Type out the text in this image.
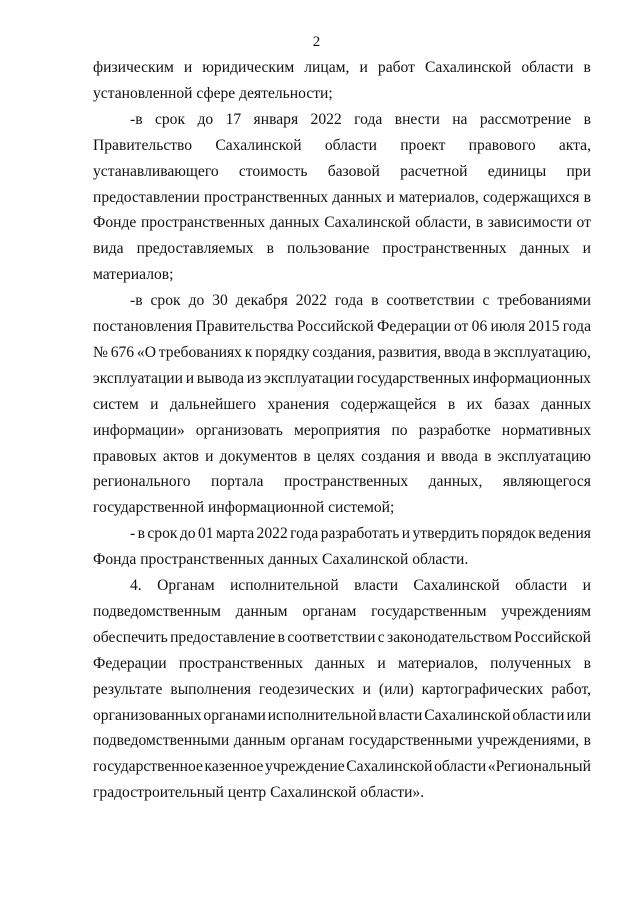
2
физическим и юридическим лицам, и работ Сахалинской области в
установленной сфере деятельности;
-в срок до 17 января 2022 года внести на рассмотрение в
Правительство Сахалинской области проект правового акта,
устанавливающего стоимость базовой расчетной единицы при
предоставлении пространственных данных и материалов, содержащихся в
Фонде пространственных данных Сахалинской области, в зависимости от
вида предоставляемых в пользование пространственных данных и
материалов;
-в срок до 30 декабря 2022 года в соответствии с требованиями
постановления Правительства Российской Федерации от 06 июля 2015 года
№ 676 «О требованиях к порядку создания, развития, ввода в эксплуатацию,
эксплуатации и вывода из эксплуатации государственных информационных
систем и дальнейшего хранения содержащейся в их базах данных
информации» организовать мероприятия по разработке нормативных
правовых актов и документов в целях создания и ввода в эксплуатацию
регионального портала пространственных данных, являющегося
государственной информационной системой;
- в срок до 01 марта 2022 года разработать и утвердить порядок ведения
Фонда пространственных данных Сахалинской области.
4. Органам исполнительной власти Сахалинской области и
подведомственным данным органам государственным учреждениям
обеспечить предоставление в соответствии с законодательством Российской
Федерации пространственных данных и материалов, полученных в
результате выполнения геодезических и (или) картографических работ,
организованных органами исполнительной власти Сахалинской области или
подведомственными данным органам государственными учреждениями, в
государственное казенное учреждение Сахалинской области «Региональный
градостроительный центр Сахалинской области».
